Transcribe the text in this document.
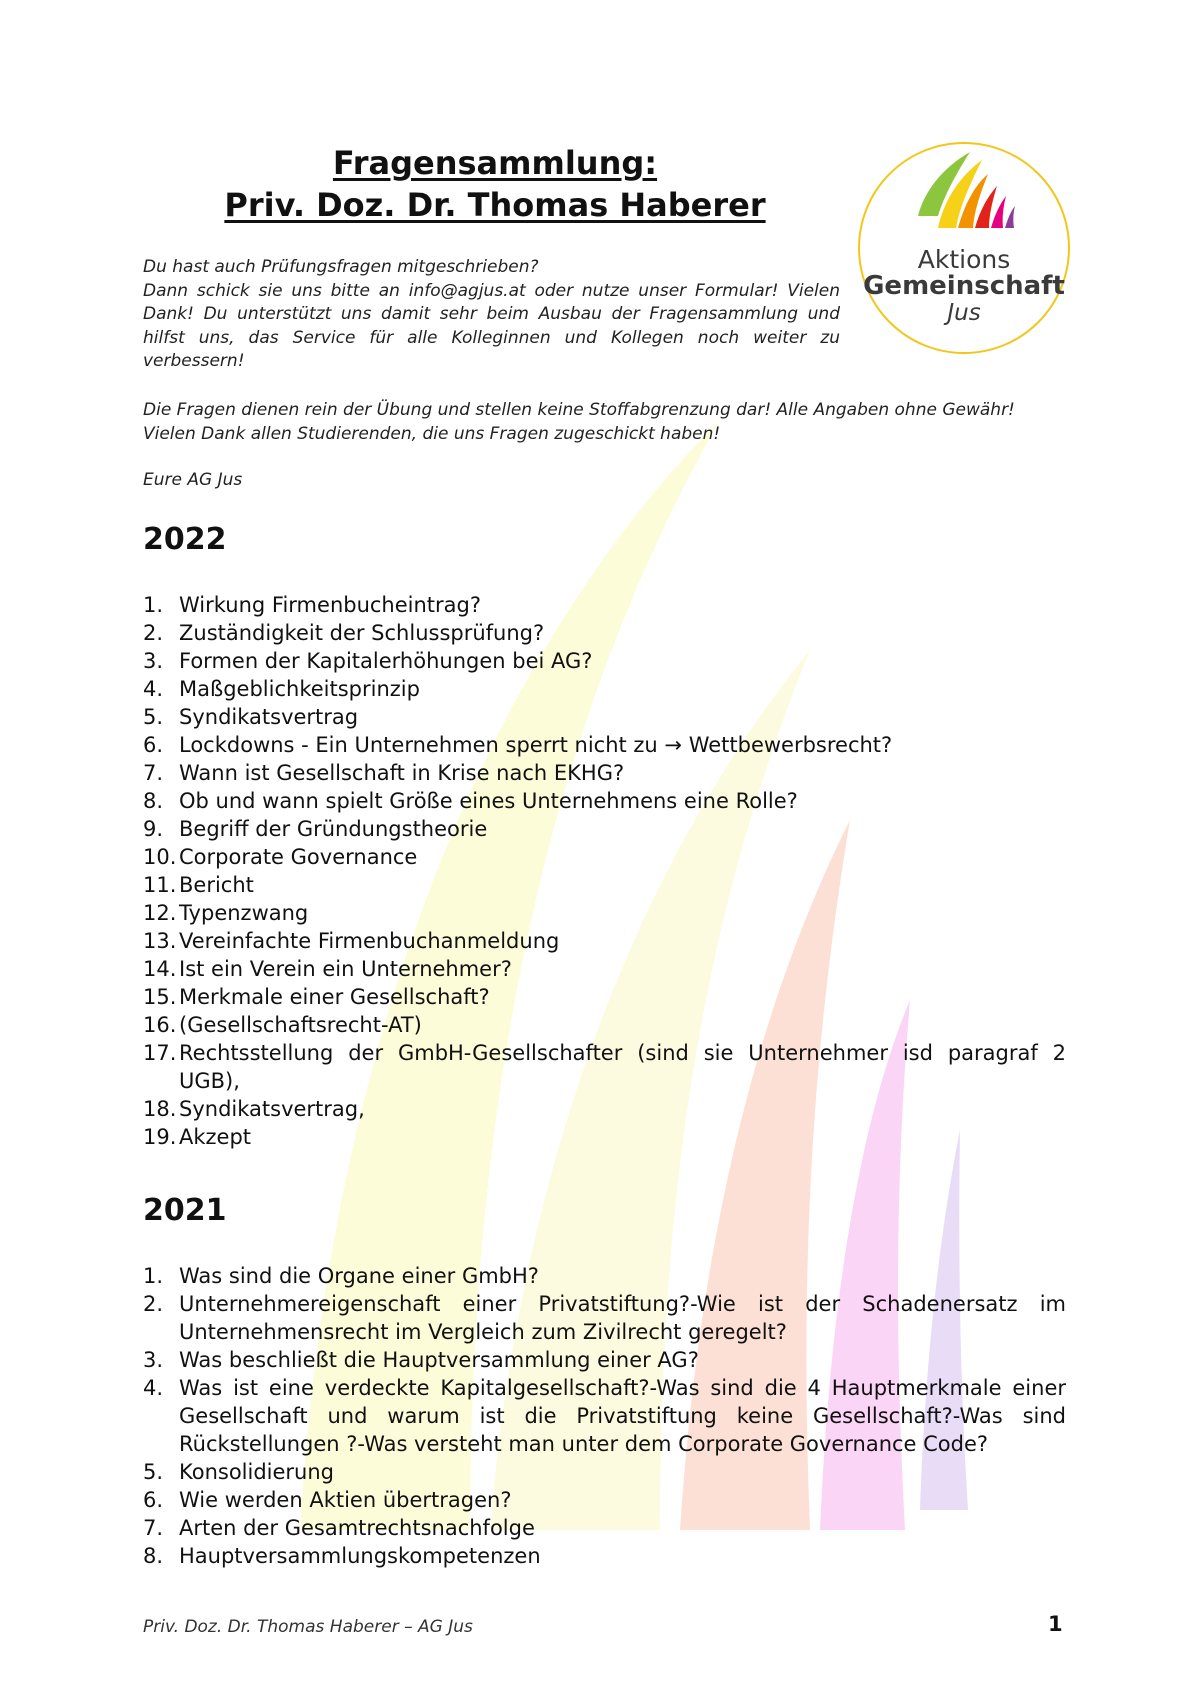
Fragensammlung:
Priv. Doz. Dr. Thomas Haberer
Aktions
Gemeinschaft
Jus

Du hast auch Prüfungsfragen mitgeschrieben?

Dann schick sie uns bitte an info@agjus.at oder nutze unser Formular! Vielen Dank! Du unterstützt uns damit sehr beim Ausbau der Fragensammlung und hilfst uns, das Service für alle Kolleginnen und Kollegen noch weiter zu verbessern!

Die Fragen dienen rein der Übung und stellen keine Stoffabgrenzung dar! Alle Angaben ohne Gewähr!

Vielen Dank allen Studierenden, die uns Fragen zugeschickt haben!

Eure AG Jus
2022
1. Wirkung Firmenbucheintrag?
2. Zuständigkeit der Schlussprüfung?
3. Formen der Kapitalerhöhungen bei AG?
4. Maßgeblichkeitsprinzip
5. Syndikatsvertrag
6. Lockdowns - Ein Unternehmen sperrt nicht zu → Wettbewerbsrecht?
7. Wann ist Gesellschaft in Krise nach EKHG?
8. Ob und wann spielt Größe eines Unternehmens eine Rolle?
9. Begriff der Gründungstheorie
10. Corporate Governance
11. Bericht
12. Typenzwang
13. Vereinfachte Firmenbuchanmeldung
14. Ist ein Verein ein Unternehmer?
15. Merkmale einer Gesellschaft?
16. (Gesellschaftsrecht-AT)
17. Rechtsstellung der GmbH-Gesellschafter (sind sie Unternehmer isd paragraf 2 UGB),
18. Syndikatsvertrag,
19. Akzept
2021
1. Was sind die Organe einer GmbH?
2. Unternehmereigenschaft einer Privatstiftung?-Wie ist der Schadenersatz im Unternehmensrecht im Vergleich zum Zivilrecht geregelt?
3. Was beschließt die Hauptversammlung einer AG?
4. Was ist eine verdeckte Kapitalgesellschaft?-Was sind die 4 Hauptmerkmale einer Gesellschaft und warum ist die Privatstiftung keine Gesellschaft?-Was sind Rückstellungen ?-Was versteht man unter dem Corporate Governance Code?
5. Konsolidierung
6. Wie werden Aktien übertragen?
7. Arten der Gesamtrechtsnachfolge
8. Hauptversammlungskompetenzen
Priv. Doz. Dr. Thomas Haberer – AG Jus	1
